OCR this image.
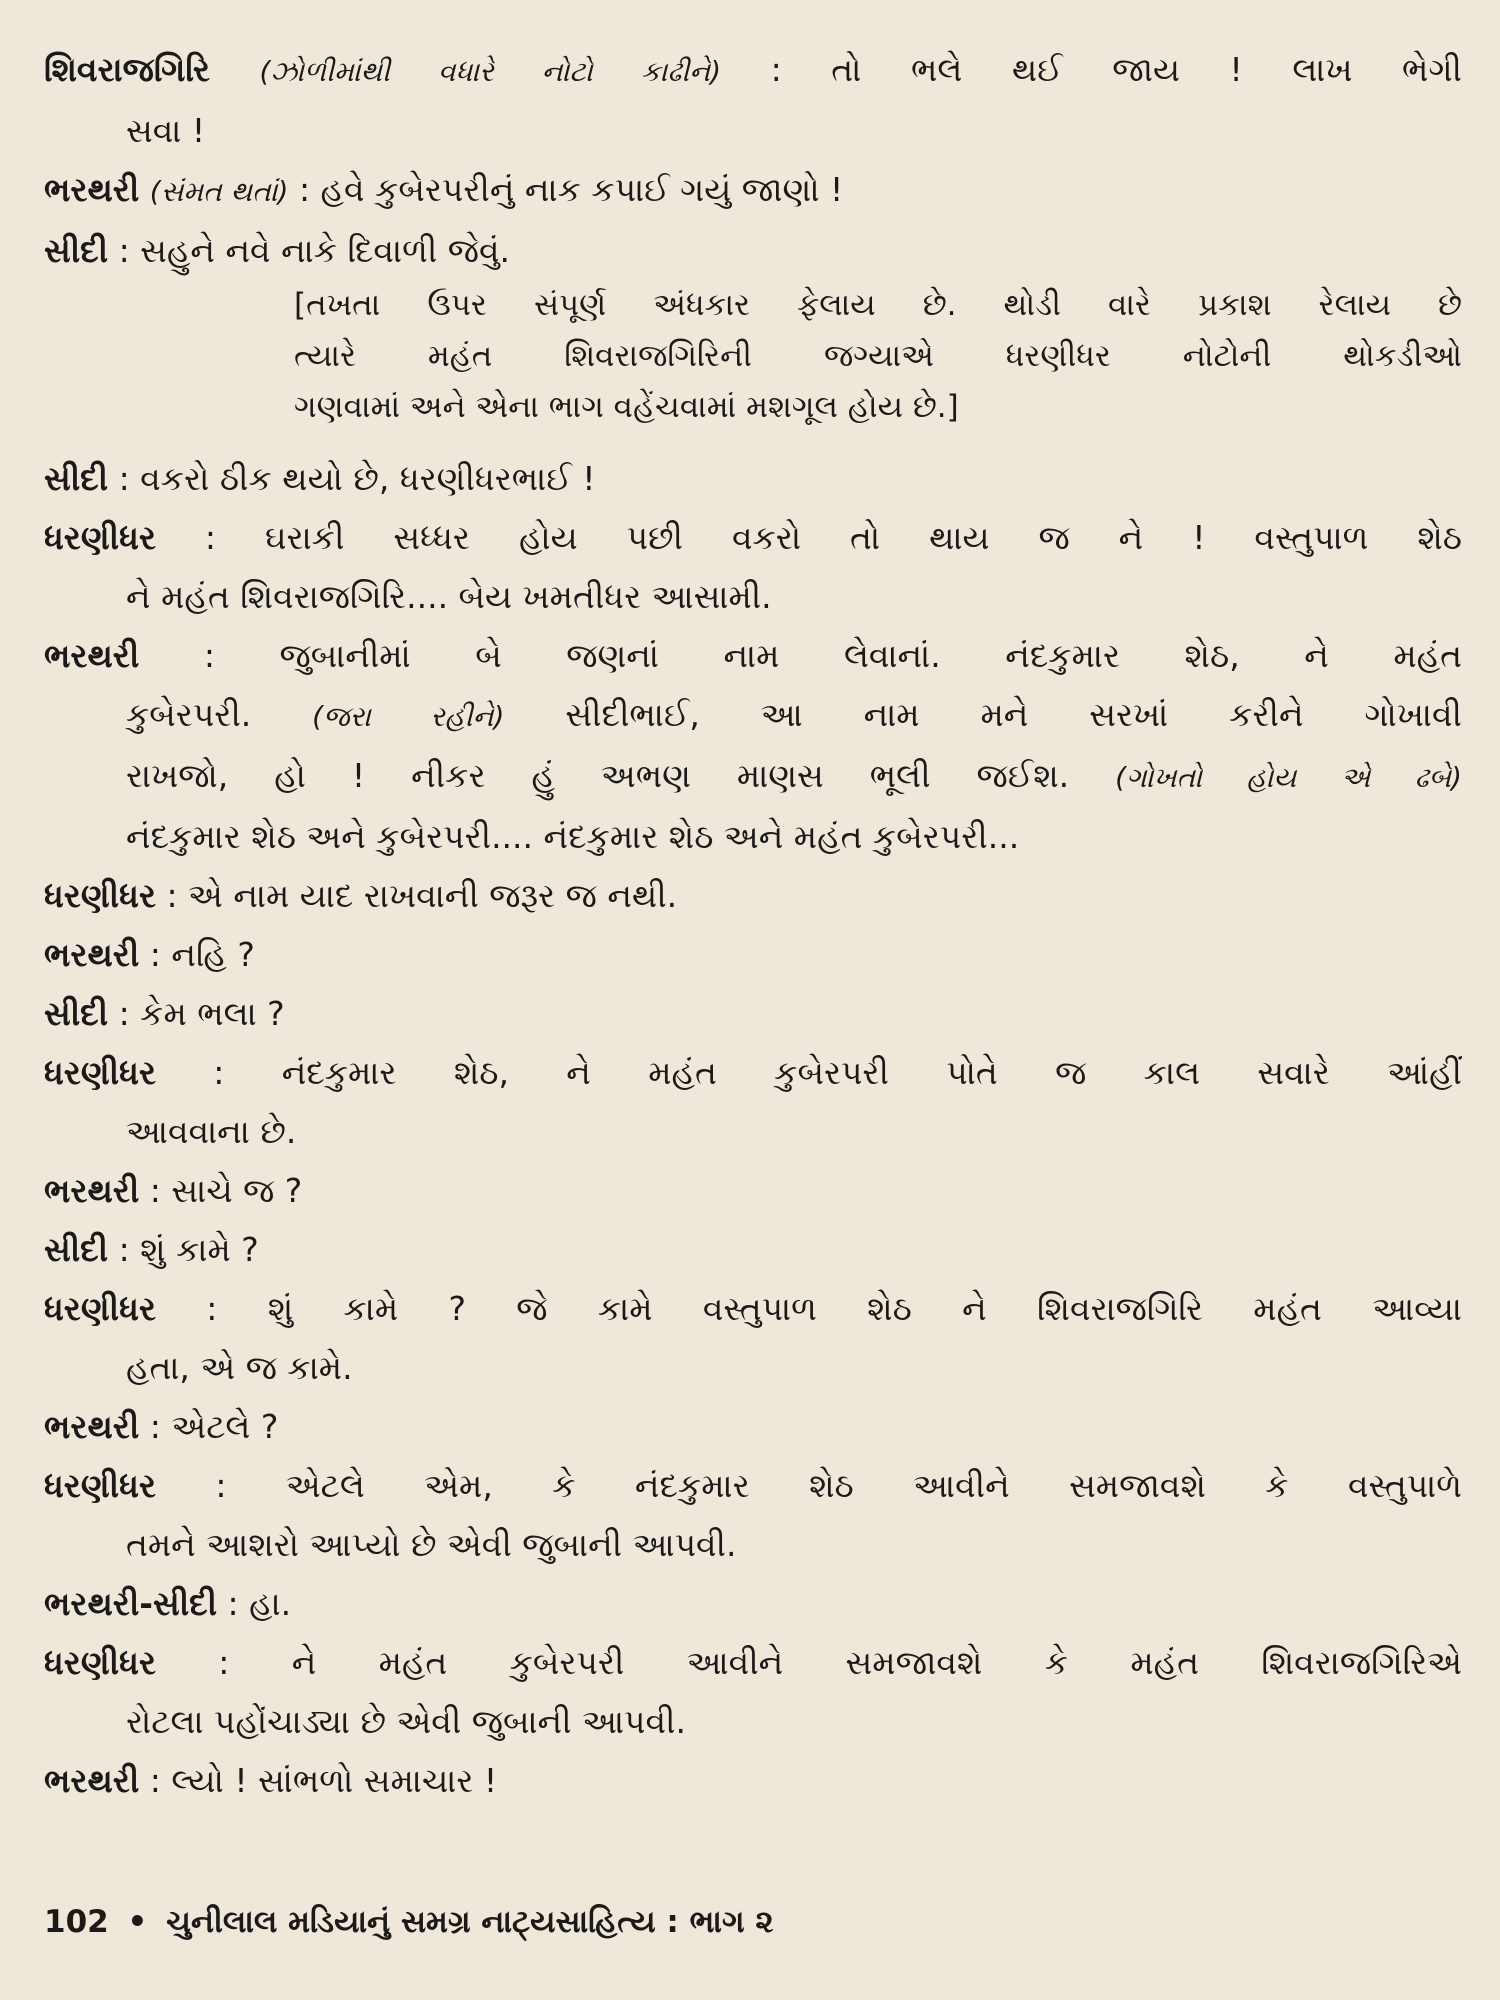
શિવરાજગિરિ (ઝોળીમાંથી વધારે નોટો કાઢીને) : તો ભલે થઈ જાય ! લાખ ભેગી
સવા !
ભરથરી (સંમત થતાં) : હવે કુબેરપરીનું નાક કપાઈ ગયું જાણો !
સીદી : સહુને નવે નાકે દિવાળી જેવું.
[તખતા ઉપર સંપૂર્ણ અંધકાર ફેલાય છે. થોડી વારે પ્રકાશ રેલાય છે
ત્યારે મહંત શિવરાજગિરિની જગ્યાએ ધરણીધર નોટોની થોકડીઓ
ગણવામાં અને એના ભાગ વહેંચવામાં મશગૂલ હોય છે.]
સીદી : વકરો ઠીક થયો છે, ધરણીધરભાઈ !
ધરણીધર : ઘરાકી સધ્ધર હોય પછી વકરો તો થાય જ ને ! વસ્તુપાળ શેઠ
ને મહંત શિવરાજગિરિ.... બેય ખમતીધર આસામી.
ભરથરી : જુબાનીમાં બે જણનાં નામ લેવાનાં. નંદકુમાર શેઠ, ને મહંત
કુબેરપરી. (જરા રહીને) સીદીભાઈ, આ નામ મને સરખાં કરીને ગોખાવી
રાખજો, હો ! નીકર હું અભણ માણસ ભૂલી જઈશ. (ગોખતો હોય એ ઢબે)
નંદકુમાર શેઠ અને કુબેરપરી.... નંદકુમાર શેઠ અને મહંત કુબેરપરી...
ધરણીધર : એ નામ યાદ રાખવાની જરૂર જ નથી.
ભરથરી : નહિ ?
સીદી : કેમ ભલા ?
ધરણીધર : નંદકુમાર શેઠ, ને મહંત કુબેરપરી પોતે જ કાલ સવારે આંહીં
આવવાના છે.
ભરથરી : સાચે જ ?
સીદી : શું કામે ?
ધરણીધર : શું કામે ? જે કામે વસ્તુપાળ શેઠ ને શિવરાજગિરિ મહંત આવ્યા
હતા, એ જ કામે.
ભરથરી : એટલે ?
ધરણીધર : એટલે એમ, કે નંદકુમાર શેઠ આવીને સમજાવશે કે વસ્તુપાળે
તમને આશરો આપ્યો છે એવી જુબાની આપવી.
ભરથરી-સીદી : હા.
ધરણીધર : ને મહંત કુબેરપરી આવીને સમજાવશે કે મહંત શિવરાજગિરિએ
રોટલા પહોંચાડ્યા છે એવી જુબાની આપવી.
ભરથરી : લ્યો ! સાંભળો સમાચાર !
102 • ચુનીલાલ મડિયાનું સમગ્ર નાટ્યસાહિત્ય : ભાગ ૨
